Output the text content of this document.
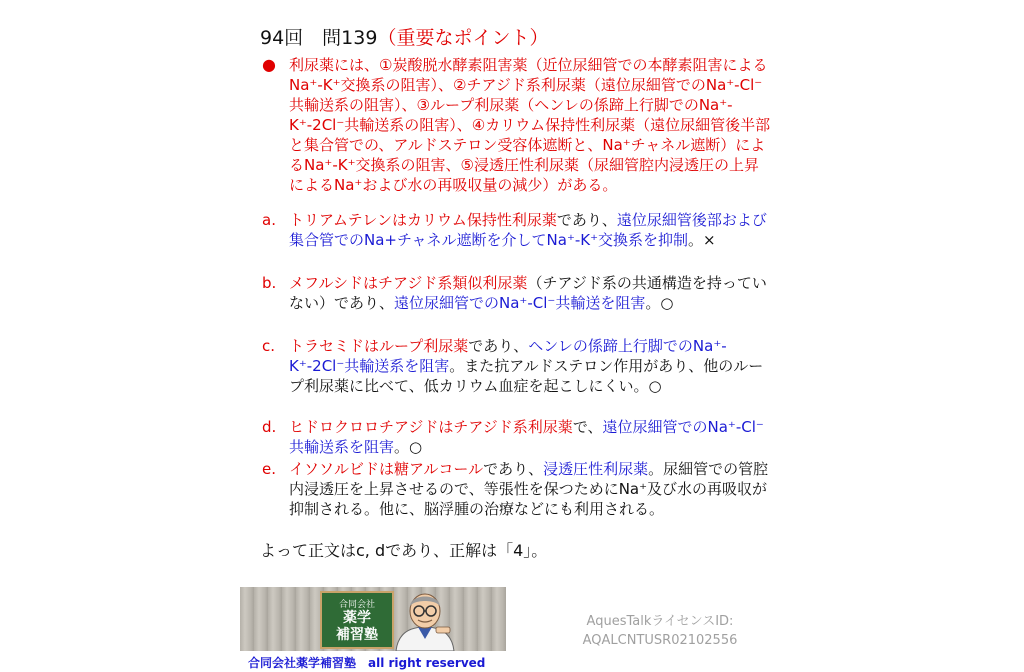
94回　問139（重要なポイント）
● 利尿薬には、①炭酸脱水酵素阻害薬（近位尿細管での本酵素阻害によるNa⁺-K⁺交換系の阻害）、②チアジド系利尿薬（遠位尿細管でのNa⁺-Cl⁻共輸送系の阻害）、③ループ利尿薬（ヘンレの係蹄上行脚でのNa⁺-K⁺-2Cl⁻共輸送系の阻害）、④カリウム保持性利尿薬（遠位尿細管後半部と集合管での、アルドステロン受容体遮断と、Na⁺チャネル遮断）によるNa⁺-K⁺交換系の阻害、⑤浸透圧性利尿薬（尿細管腔内浸透圧の上昇によるNa⁺および水の再吸収量の減少）がある。
a. トリアムテレンはカリウム保持性利尿薬であり、遠位尿細管後部および集合管でのNa+チャネル遮断を介してNa⁺-K⁺交換系を抑制。×
b. メフルシドはチアジド系類似利尿薬（チアジド系の共通構造を持っていない）であり、遠位尿細管でのNa⁺-Cl⁻共輸送を阻害。○
c. トラセミドはループ利尿薬であり、ヘンレの係蹄上行脚でのNa⁺-K⁺-2Cl⁻共輸送系を阻害。また抗アルドステロン作用があり、他のループ利尿薬に比べて、低カリウム血症を起こしにくい。○
d. ヒドロクロロチアジドはチアジド系利尿薬で、遠位尿細管でのNa⁺-Cl⁻共輸送系を阻害。○
e. イソソルビドは糖アルコールであり、浸透圧性利尿薬。尿細管での管腔内浸透圧を上昇させるので、等張性を保つためにNa⁺及び水の再吸収が抑制される。他に、脳浮腫の治療などにも利用される。
よって正文はc, dであり、正解は「4」。
合同会社
薬学
補習塾
合同会社薬学補習塾　all right reserved
AquesTalkライセンスID:
AQALCNTUSR02102556
